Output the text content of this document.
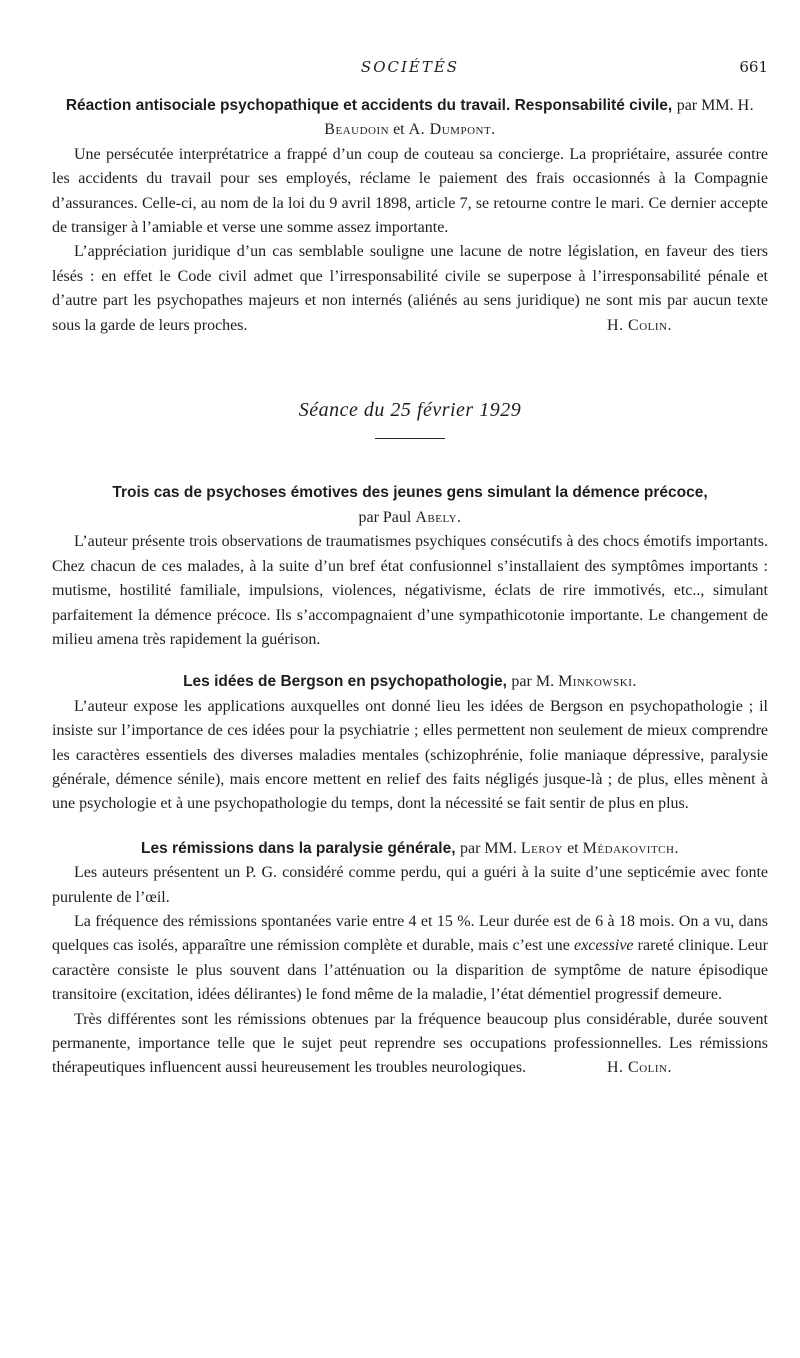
SOCIÉTÉS	661

Réaction antisociale psychopathique et accidents du travail. Responsabilité civile, par MM. H. Beaudoin et A. Dumpont.

Une persécutée interprétatrice a frappé d’un coup de couteau sa concierge. La propriétaire, assurée contre les accidents du travail pour ses employés, réclame le paiement des frais occasionnés à la Compagnie d’assurances. Celle-ci, au nom de la loi du 9 avril 1898, article 7, se retourne contre le mari. Ce dernier accepte de transiger à l’amiable et verse une somme assez importante.

L’appréciation juridique d’un cas semblable souligne une lacune de notre législation, en faveur des tiers lésés : en effet le Code civil admet que l’irresponsabilité civile se superpose à l’irresponsabilité pénale et d’autre part les psychopathes majeurs et non internés (aliénés au sens juridique) ne sont mis par aucun texte sous la garde de leurs proches.	H. Colin.

Séance du 25 février 1929

Trois cas de psychoses émotives des jeunes gens simulant la démence précoce,
par Paul Abely.

L’auteur présente trois observations de traumatismes psychiques consécutifs à des chocs émotifs importants. Chez chacun de ces malades, à la suite d’un bref état confusionnel s’installaient des symptômes importants : mutisme, hostilité familiale, impulsions, violences, négativisme, éclats de rire immotivés, etc.., simulant parfaitement la démence précoce. Ils s’accompagnaient d’une sympathicotonie importante. Le changement de milieu amena très rapidement la guérison.

Les idées de Bergson en psychopathologie, par M. Minkowski.

L’auteur expose les applications auxquelles ont donné lieu les idées de Bergson en psychopathologie ; il insiste sur l’importance de ces idées pour la psychiatrie ; elles permettent non seulement de mieux comprendre les caractères essentiels des diverses maladies mentales (schizophrénie, folie maniaque dépressive, paralysie générale, démence sénile), mais encore mettent en relief des faits négligés jusque-là ; de plus, elles mènent à une psychologie et à une psychopathologie du temps, dont la nécessité se fait sentir de plus en plus.

Les rémissions dans la paralysie générale, par MM. Leroy et Médakovitch.

Les auteurs présentent un P. G. considéré comme perdu, qui a guéri à la suite d’une septicémie avec fonte purulente de l’œil.

La fréquence des rémissions spontanées varie entre 4 et 15 %. Leur durée est de 6 à 18 mois. On a vu, dans quelques cas isolés, apparaître une rémission complète et durable, mais c’est une excessive rareté clinique. Leur caractère consiste le plus souvent dans l’atténuation ou la disparition de symptôme de nature épisodique transitoire (excitation, idées délirantes) le fond même de la maladie, l’état démentiel progressif demeure.

Très différentes sont les rémissions obtenues par la fréquence beaucoup plus considérable, durée souvent permanente, importance telle que le sujet peut reprendre ses occupations professionnelles. Les rémissions thérapeutiques influencent aussi heureusement les troubles neurologiques.	H. Colin.
